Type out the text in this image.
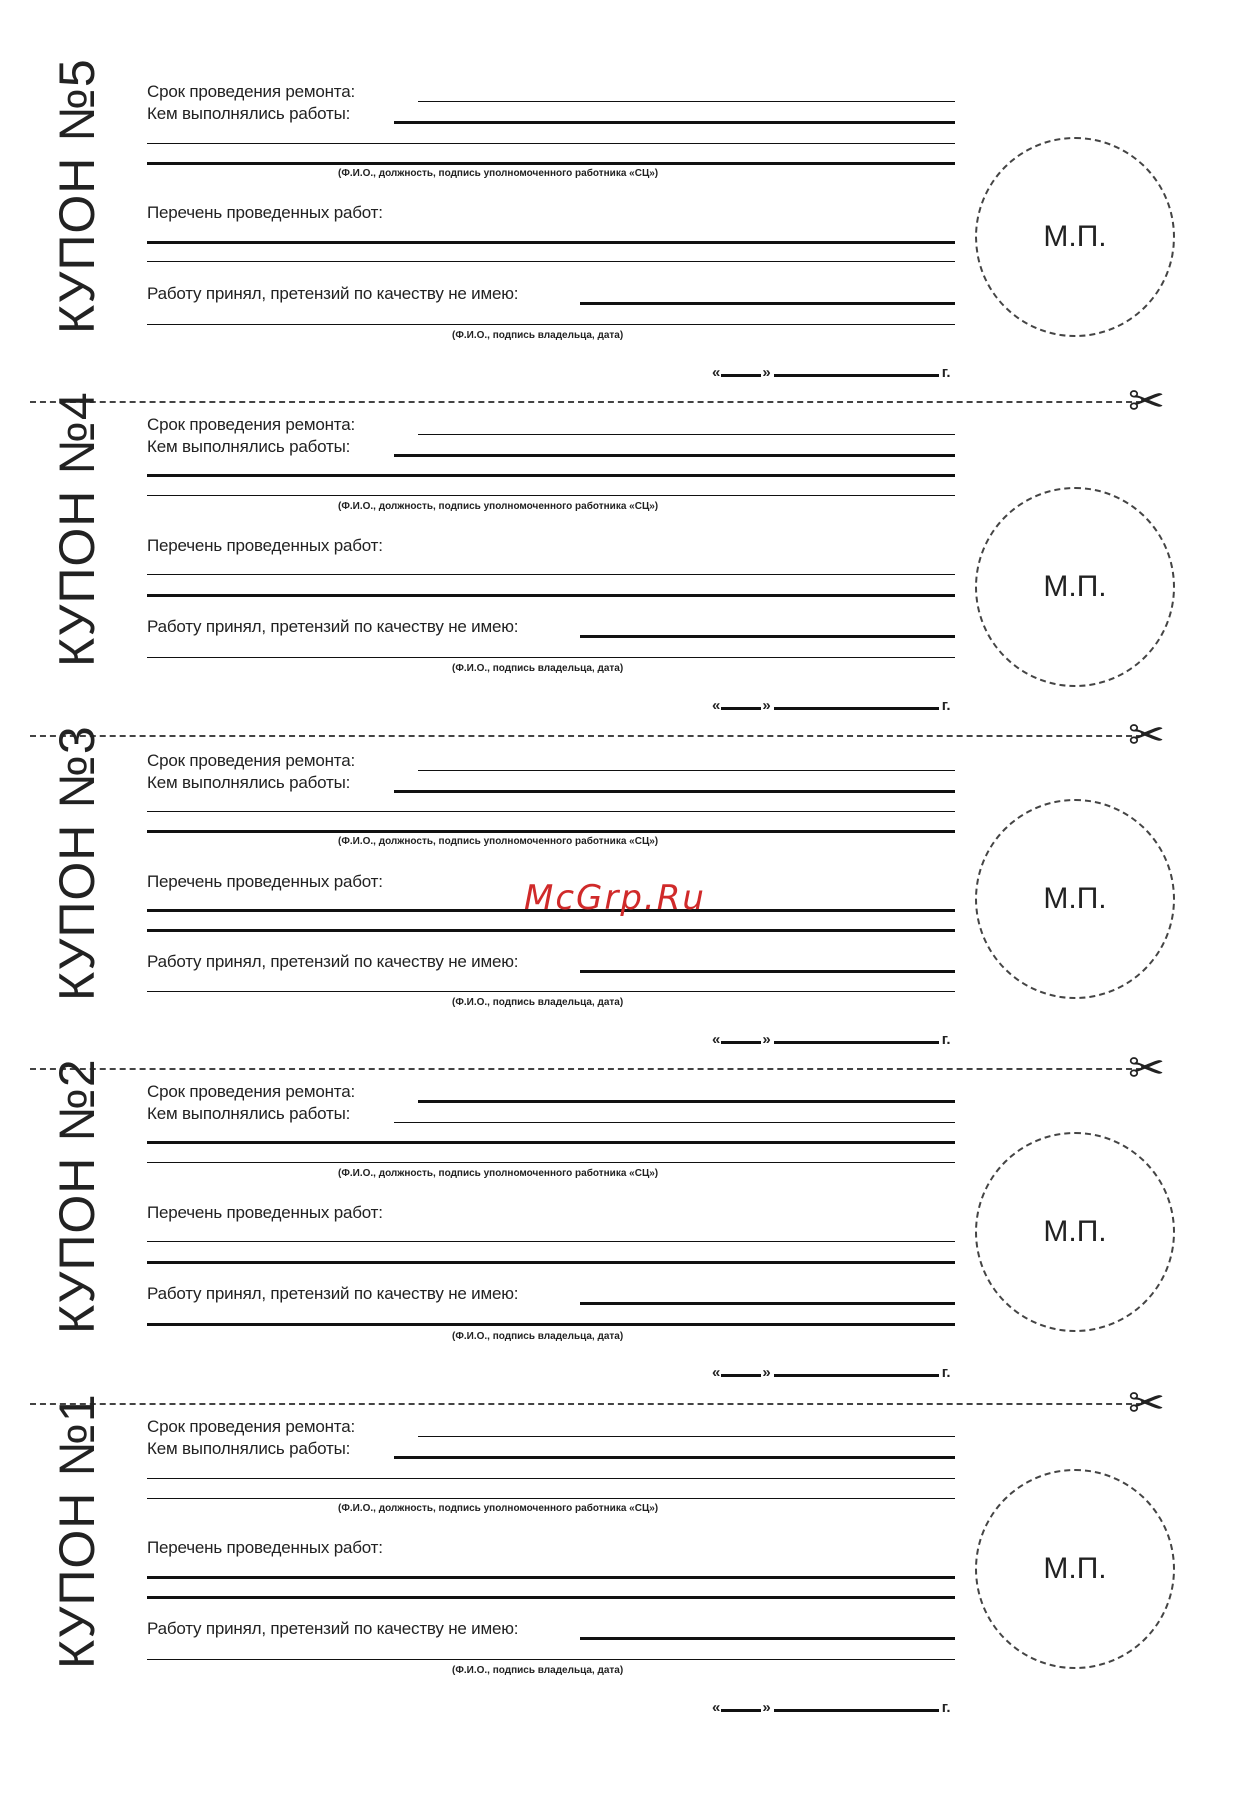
КУПОН №5	Срок проведения ремонта:
Кем выполнялись работы:
(Ф.И.О., должность, подпись уполномоченного работника «СЦ»)
Перечень проведенных работ:
Работу принял, претензий по качеству не имею:
(Ф.И.О., подпись владельца, дата)
М.П.
«	»	г.
✂
КУПОН №4	Срок проведения ремонта:
Кем выполнялись работы:
(Ф.И.О., должность, подпись уполномоченного работника «СЦ»)
Перечень проведенных работ:
Работу принял, претензий по качеству не имею:
(Ф.И.О., подпись владельца, дата)
М.П.
«	»	г.
✂
КУПОН №3	Срок проведения ремонта:
Кем выполнялись работы:
(Ф.И.О., должность, подпись уполномоченного работника «СЦ»)
Перечень проведенных работ:
Работу принял, претензий по качеству не имею:
(Ф.И.О., подпись владельца, дата)
М.П.
«	»	г.
✂
КУПОН №2	Срок проведения ремонта:
Кем выполнялись работы:
(Ф.И.О., должность, подпись уполномоченного работника «СЦ»)
Перечень проведенных работ:
Работу принял, претензий по качеству не имею:
(Ф.И.О., подпись владельца, дата)
М.П.
«	»	г.
✂
КУПОН №1	Срок проведения ремонта:
Кем выполнялись работы:
(Ф.И.О., должность, подпись уполномоченного работника «СЦ»)
Перечень проведенных работ:
Работу принял, претензий по качеству не имею:
(Ф.И.О., подпись владельца, дата)
М.П.
«	»	г.
McGrp.Ru
